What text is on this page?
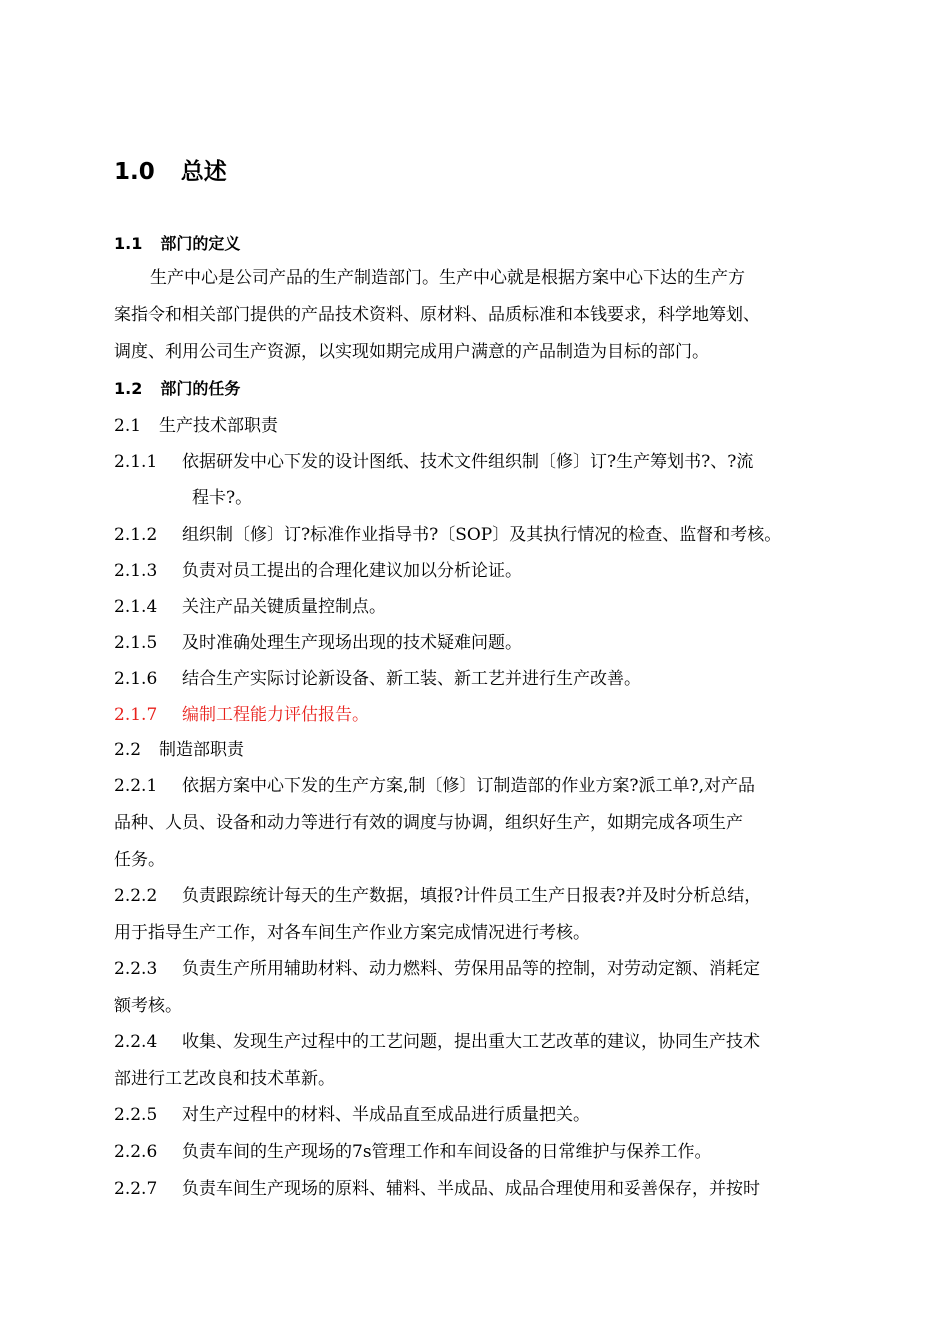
1.0 总述
1.1 部门的定义
生产中心是公司产品的生产制造部门。生产中心就是根据方案中心下达的生产方
案指令和相关部门提供的产品技术资料、原材料、品质标准和本钱要求，科学地筹划、
调度、利用公司生产资源，以实现如期完成用户满意的产品制造为目标的部门。
1.2 部门的任务
2.1 生产技术部职责
2.1.1 依据研发中心下发的设计图纸、技术文件组织制〔修〕订?生产筹划书?、?流
程卡?。
2.1.2 组织制〔修〕订?标准作业指导书?〔SOP〕及其执行情况的检查、监督和考核。
2.1.3 负责对员工提出的合理化建议加以分析论证。
2.1.4 关注产品关键质量控制点。
2.1.5 及时准确处理生产现场出现的技术疑难问题。
2.1.6 结合生产实际讨论新设备、新工装、新工艺并进行生产改善。
2.1.7 编制工程能力评估报告。
2.2 制造部职责
2.2.1 依据方案中心下发的生产方案,制〔修〕订制造部的作业方案?派工单?,对产品
品种、人员、设备和动力等进行有效的调度与协调，组织好生产，如期完成各项生产
任务。
2.2.2 负责跟踪统计每天的生产数据，填报?计件员工生产日报表?并及时分析总结，
用于指导生产工作，对各车间生产作业方案完成情况进行考核。
2.2.3 负责生产所用辅助材料、动力燃料、劳保用品等的控制，对劳动定额、消耗定
额考核。
2.2.4 收集、发现生产过程中的工艺问题，提出重大工艺改革的建议，协同生产技术
部进行工艺改良和技术革新。
2.2.5 对生产过程中的材料、半成品直至成品进行质量把关。
2.2.6 负责车间的生产现场的7s管理工作和车间设备的日常维护与保养工作。
2.2.7 负责车间生产现场的原料、辅料、半成品、成品合理使用和妥善保存，并按时
